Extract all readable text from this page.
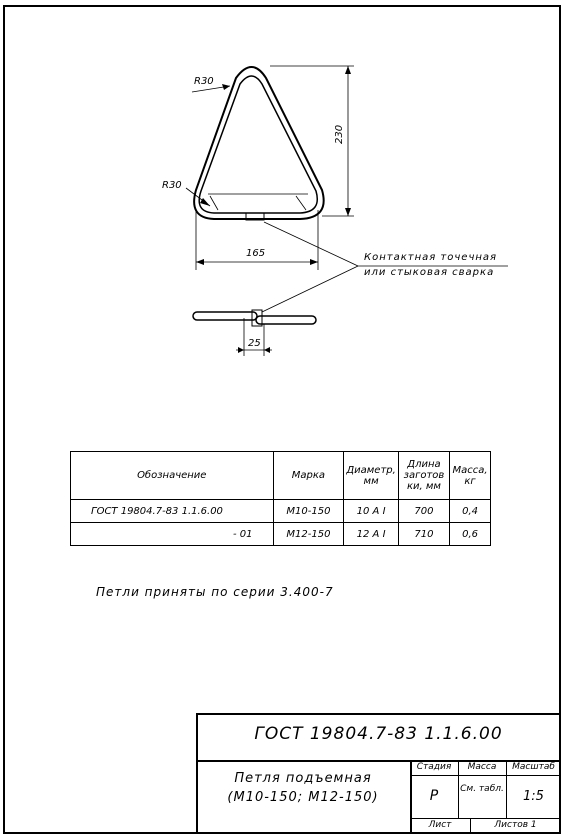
R30
R30
230
165
25
Контактная точечная
или стыковая сварка
Обозначение	Марка	Диаметр, мм	Длина заготов ки, мм	Масса, кг
ГОСТ 19804.7-83 1.1.6.00	М10-150	10 А I	700	0,4
- 01	М12-150	12 А I	710	0,6
Петли приняты по серии 3.400-7
ГОСТ 19804.7-83 1.1.6.00
Петля подъемная
(М10-150; М12-150)
Стадия	Масса	Масштаб
Р	См. табл.	1:5
Лист	Листов 1
